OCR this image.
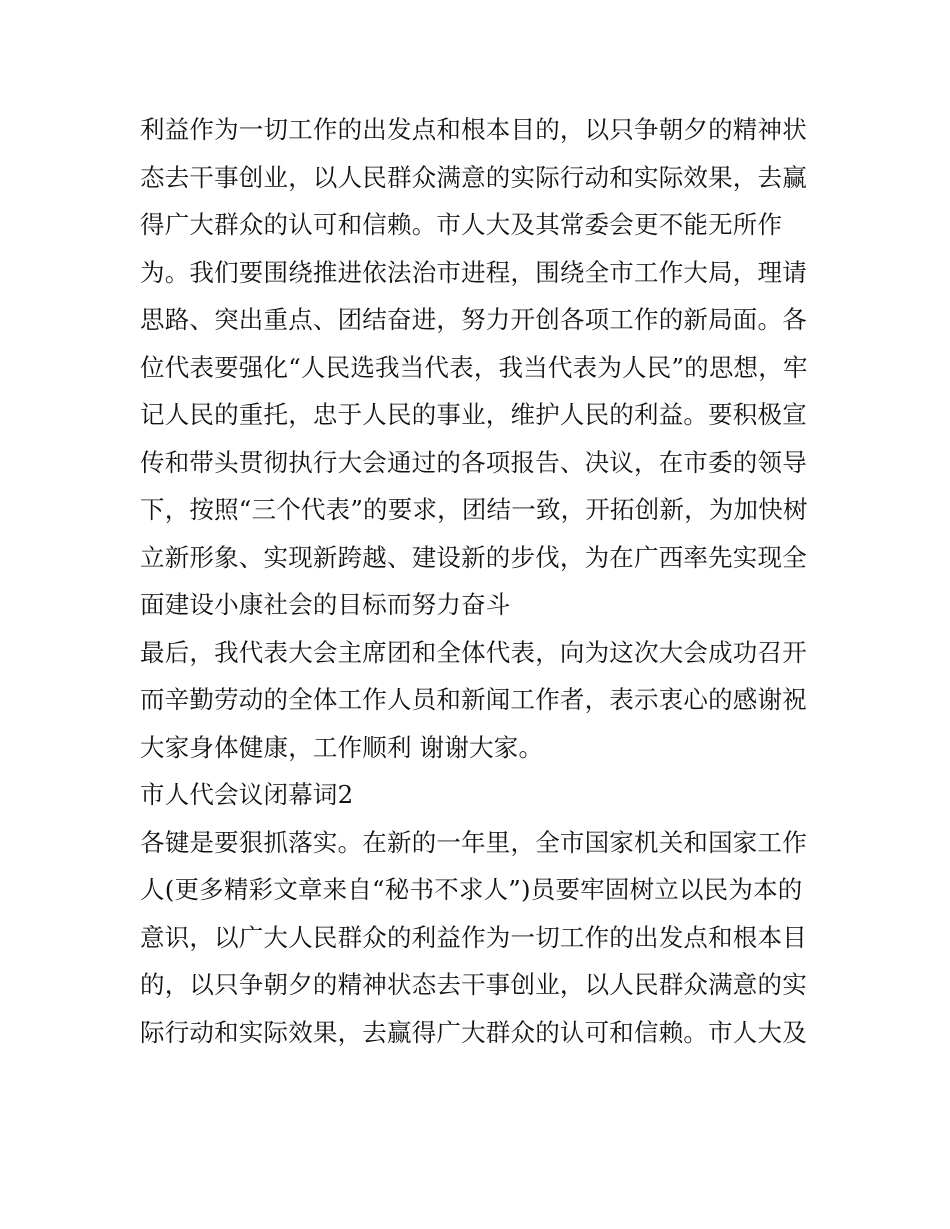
利益作为一切工作的出发点和根本目的，以只争朝夕的精神状
态去干事创业，以人民群众满意的实际行动和实际效果，去赢
得广大群众的认可和信赖。市人大及其常委会更不能无所作
为。我们要围绕推进依法治市进程，围绕全市工作大局，理请
思路、突出重点、团结奋进，努力开创各项工作的新局面。各
位代表要强化“人民选我当代表，我当代表为人民”的思想，牢
记人民的重托，忠于人民的事业，维护人民的利益。要积极宣
传和带头贯彻执行大会通过的各项报告、决议，在市委的领导
下，按照“三个代表”的要求，团结一致，开拓创新，为加快树
立新形象、实现新跨越、建设新的步伐，为在广西率先实现全
面建设小康社会的目标而努力奋斗
最后，我代表大会主席团和全体代表，向为这次大会成功召开
而辛勤劳动的全体工作人员和新闻工作者，表示衷心的感谢祝
大家身体健康，工作顺利 谢谢大家。
市人代会议闭幕词2
各键是要狠抓落实。在新的一年里，全市国家机关和国家工作
人(更多精彩文章来自“秘书不求人”)员要牢固树立以民为本的
意识，以广大人民群众的利益作为一切工作的出发点和根本目
的，以只争朝夕的精神状态去干事创业，以人民群众满意的实
际行动和实际效果，去赢得广大群众的认可和信赖。市人大及
